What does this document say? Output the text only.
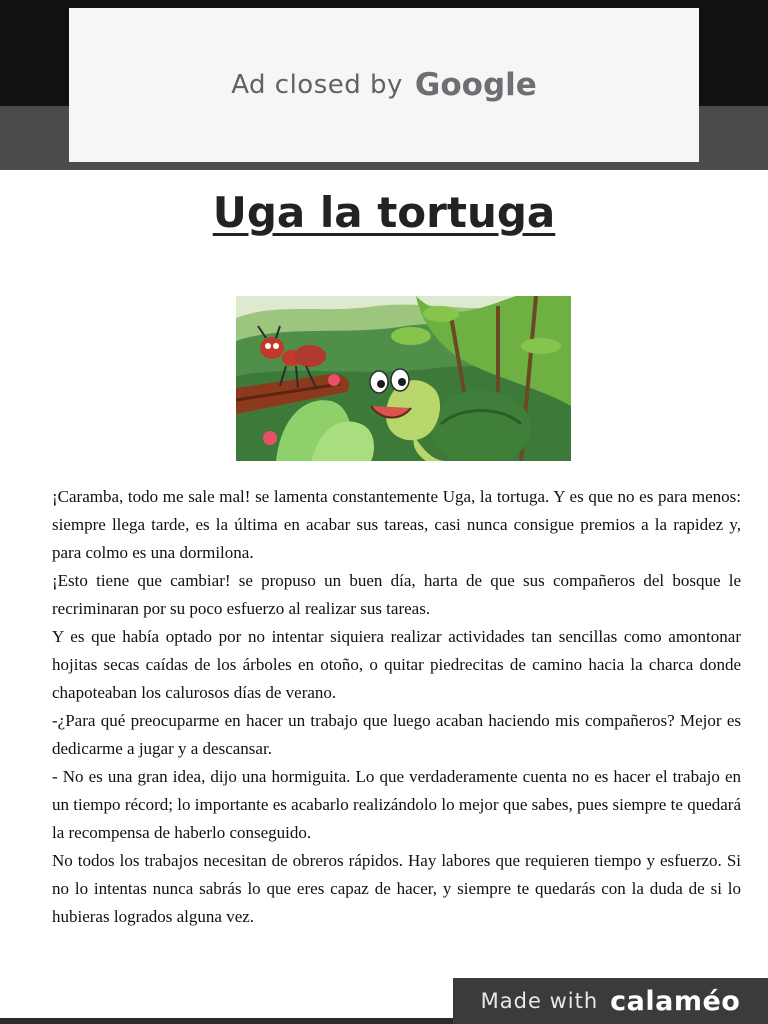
Ad closed by Google
Uga la tortuga

¡Caramba, todo me sale mal! se lamenta constantemente Uga, la tortuga. Y es que no es para menos: siempre llega tarde, es la última en acabar sus tareas, casi nunca consigue premios a la rapidez y, para colmo es una dormilona.

¡Esto tiene que cambiar! se propuso un buen día, harta de que sus compañeros del bosque le recriminaran por su poco esfuerzo al realizar sus tareas.

Y es que había optado por no intentar siquiera realizar actividades tan sencillas como amontonar hojitas secas caídas de los árboles en otoño, o quitar piedrecitas de camino hacia la charca donde chapoteaban los calurosos días de verano.

-¿Para qué preocuparme en hacer un trabajo que luego acaban haciendo mis compañeros? Mejor es dedicarme a jugar y a descansar.

- No es una gran idea, dijo una hormiguita. Lo que verdaderamente cuenta no es hacer el trabajo en un tiempo récord; lo importante es acabarlo realizándolo lo mejor que sabes, pues siempre te quedará la recompensa de haberlo conseguido.

No todos los trabajos necesitan de obreros rápidos. Hay labores que requieren tiempo y esfuerzo. Si no lo intentas nunca sabrás lo que eres capaz de hacer, y siempre te quedarás con la duda de si lo hubieras logrados alguna vez.

Made with calaméo
